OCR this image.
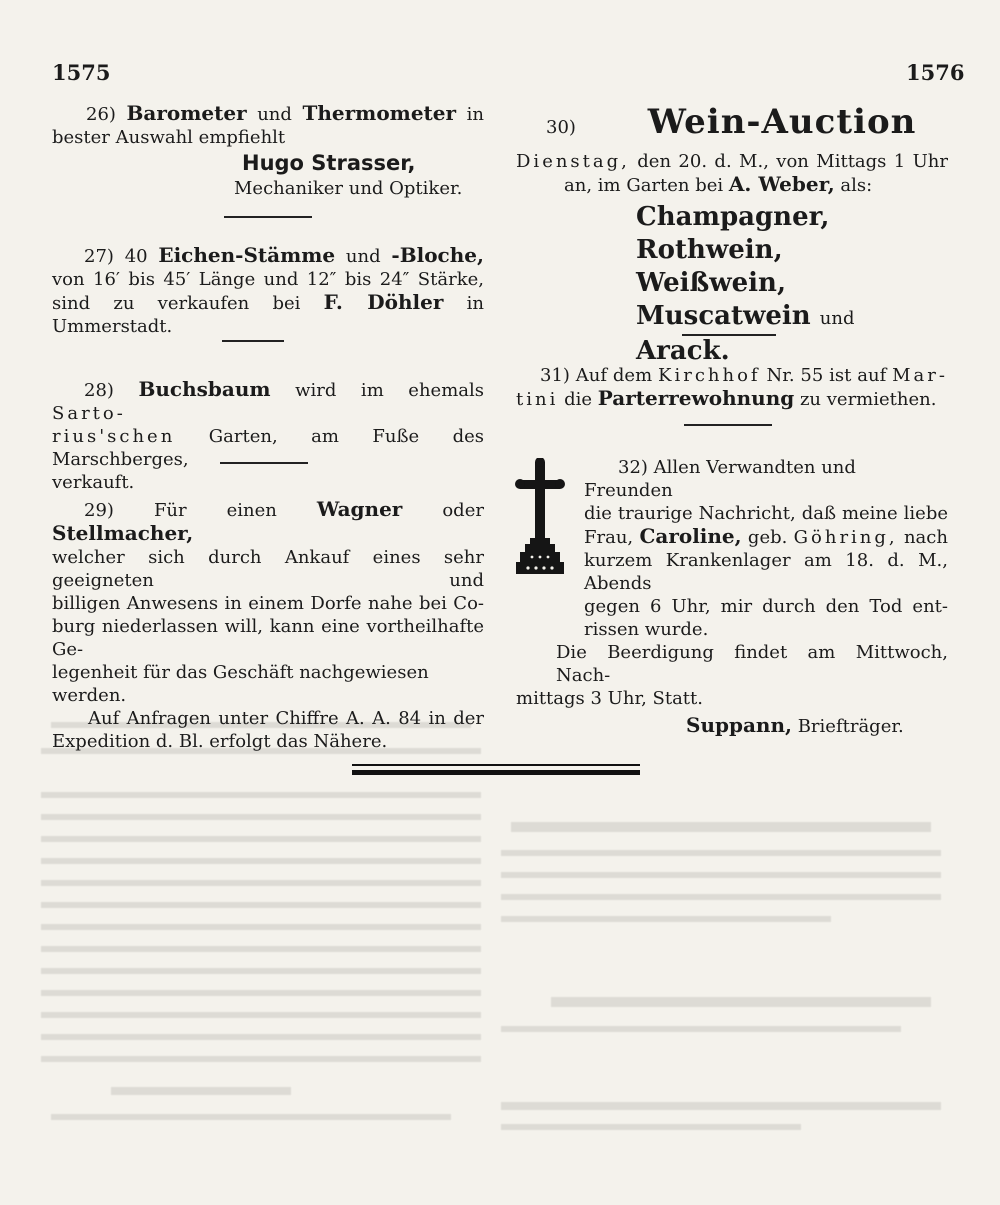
1575	1576

26) Barometer und Thermometer in

bester Auswahl empfiehlt

Hugo Strasser,

Mechaniker und Optiker.

27) 40 Eichen-Stämme und -Bloche,

von 16′ bis 45′ Länge und 12″ bis 24″ Stärke,

sind zu verkaufen bei F. Döhler in Ummerstadt.

28) Buchsbaum wird im ehemals Sarto-

rius'schen Garten, am Fuße des Marschberges,

verkauft.

29) Für einen Wagner oder Stellmacher,

welcher sich durch Ankauf eines sehr geeigneten und

billigen Anwesens in einem Dorfe nahe bei Co-

burg niederlassen will, kann eine vortheilhafte Ge-

legenheit für das Geschäft nachgewiesen werden.

Auf Anfragen unter Chiffre A. A. 84 in der

Expedition d. Bl. erfolgt das Nähere.

30) Wein-Auction

Dienstag, den 20. d. M., von Mittags 1 Uhr

an, im Garten bei A. Weber, als:

Champagner,

Rothwein,

Weißwein,

Muscatwein und

Arack.

31) Auf dem Kirchhof Nr. 55 ist auf Mar-

tini die Parterrewohnung zu vermiethen.

32) Allen Verwandten und Freunden

die traurige Nachricht, daß meine liebe

Frau, Caroline, geb. Göhring, nach

kurzem Krankenlager am 18. d. M., Abends

gegen 6 Uhr, mir durch den Tod ent-

rissen wurde.

Die Beerdigung findet am Mittwoch, Nach-

mittags 3 Uhr, Statt.

Suppann, Briefträger.
